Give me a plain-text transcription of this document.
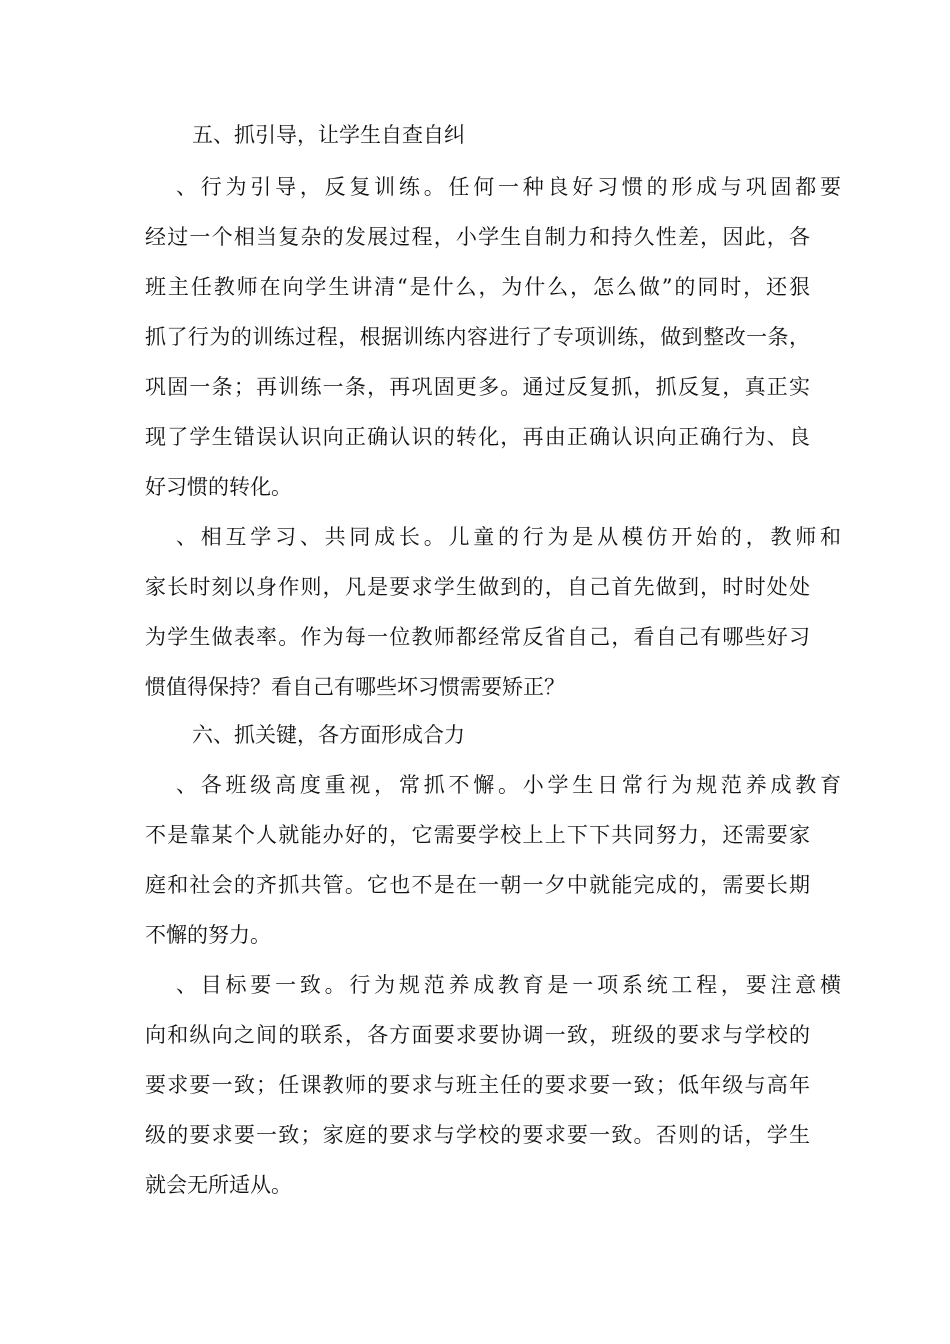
五、抓引导，让学生自查自纠
、行为引导，反复训练。任何一种良好习惯的形成与巩固都要
经过一个相当复杂的发展过程，小学生自制力和持久性差，因此，各
班主任教师在向学生讲清“是什么，为什么，怎么做”的同时，还狠
抓了行为的训练过程，根据训练内容进行了专项训练，做到整改一条，
巩固一条；再训练一条，再巩固更多。通过反复抓，抓反复，真正实
现了学生错误认识向正确认识的转化，再由正确认识向正确行为、良
好习惯的转化。
、相互学习、共同成长。儿童的行为是从模仿开始的，教师和
家长时刻以身作则，凡是要求学生做到的，自己首先做到，时时处处
为学生做表率。作为每一位教师都经常反省自己，看自己有哪些好习
惯值得保持？看自己有哪些坏习惯需要矫正？
六、抓关键，各方面形成合力
、各班级高度重视，常抓不懈。小学生日常行为规范养成教育
不是靠某个人就能办好的，它需要学校上上下下共同努力，还需要家
庭和社会的齐抓共管。它也不是在一朝一夕中就能完成的，需要长期
不懈的努力。
、目标要一致。行为规范养成教育是一项系统工程，要注意横
向和纵向之间的联系，各方面要求要协调一致，班级的要求与学校的
要求要一致；任课教师的要求与班主任的要求要一致；低年级与高年
级的要求要一致；家庭的要求与学校的要求要一致。否则的话，学生
就会无所适从。
